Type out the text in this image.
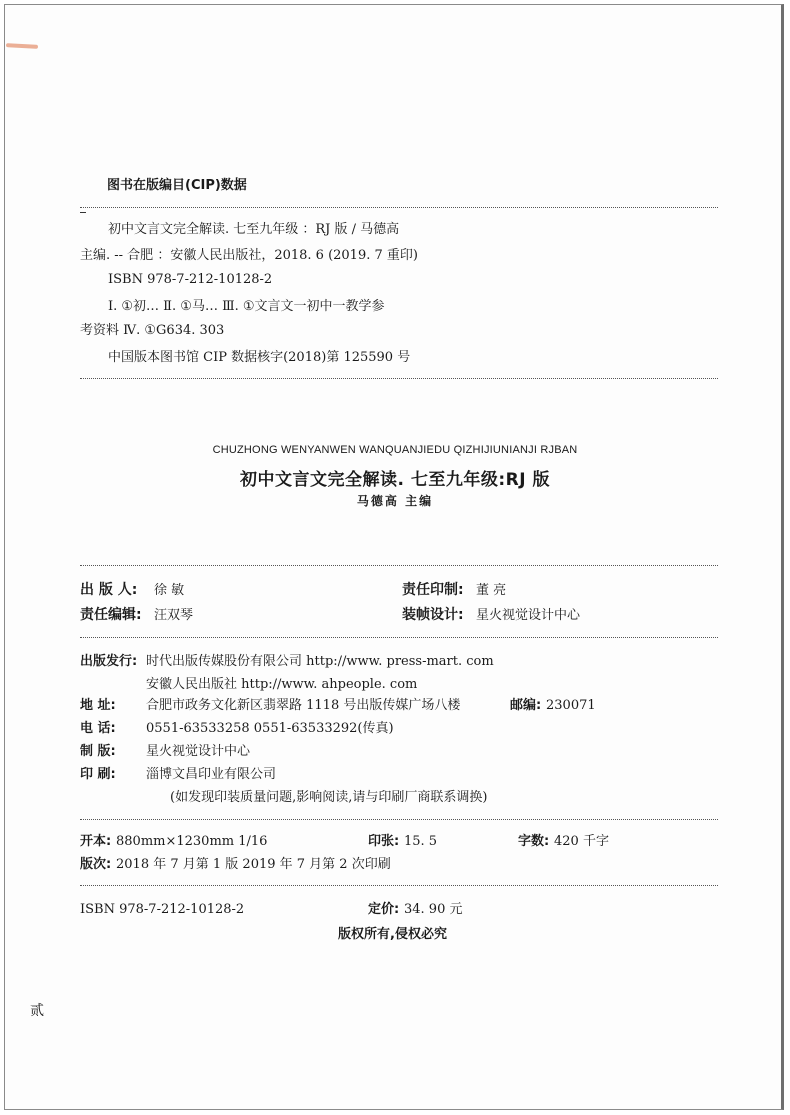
图书在版编目(CIP)数据
初中文言文完全解读. 七至九年级 ：RJ 版 / 马德高
主编. -- 合肥 ：安徽人民出版社，2018. 6 (2019. 7 重印)
ISBN 978-7-212-10128-2
Ⅰ. ①初… Ⅱ. ①马… Ⅲ. ①文言文一初中一教学参
考资料 Ⅳ. ①G634. 303
中国版本图书馆 CIP 数据核字(2018)第 125590 号
CHUZHONG WENYANWEN WANQUANJIEDU QIZHIJIUNIANJI RJBAN
初中文言文完全解读. 七至九年级:RJ 版
马德高 主编
出 版 人: 徐 敏	责任印制: 董 亮
责任编辑: 汪双琴	装帧设计: 星火视觉设计中心
出版发行: 时代出版传媒股份有限公司 http://www. press-mart. com
安徽人民出版社 http://www. ahpeople. com
地 址: 合肥市政务文化新区翡翠路 1118 号出版传媒广场八楼	邮编: 230071
电 话: 0551-63533258 0551-63533292(传真)
制 版: 星火视觉设计中心
印 刷: 淄博文昌印业有限公司
(如发现印装质量问题,影响阅读,请与印刷厂商联系调换)
开本: 880mm×1230mm 1/16	印张: 15. 5	字数: 420 千字
版次: 2018 年 7 月第 1 版 2019 年 7 月第 2 次印刷
ISBN 978-7-212-10128-2	定价: 34. 90 元
版权所有,侵权必究
贰
